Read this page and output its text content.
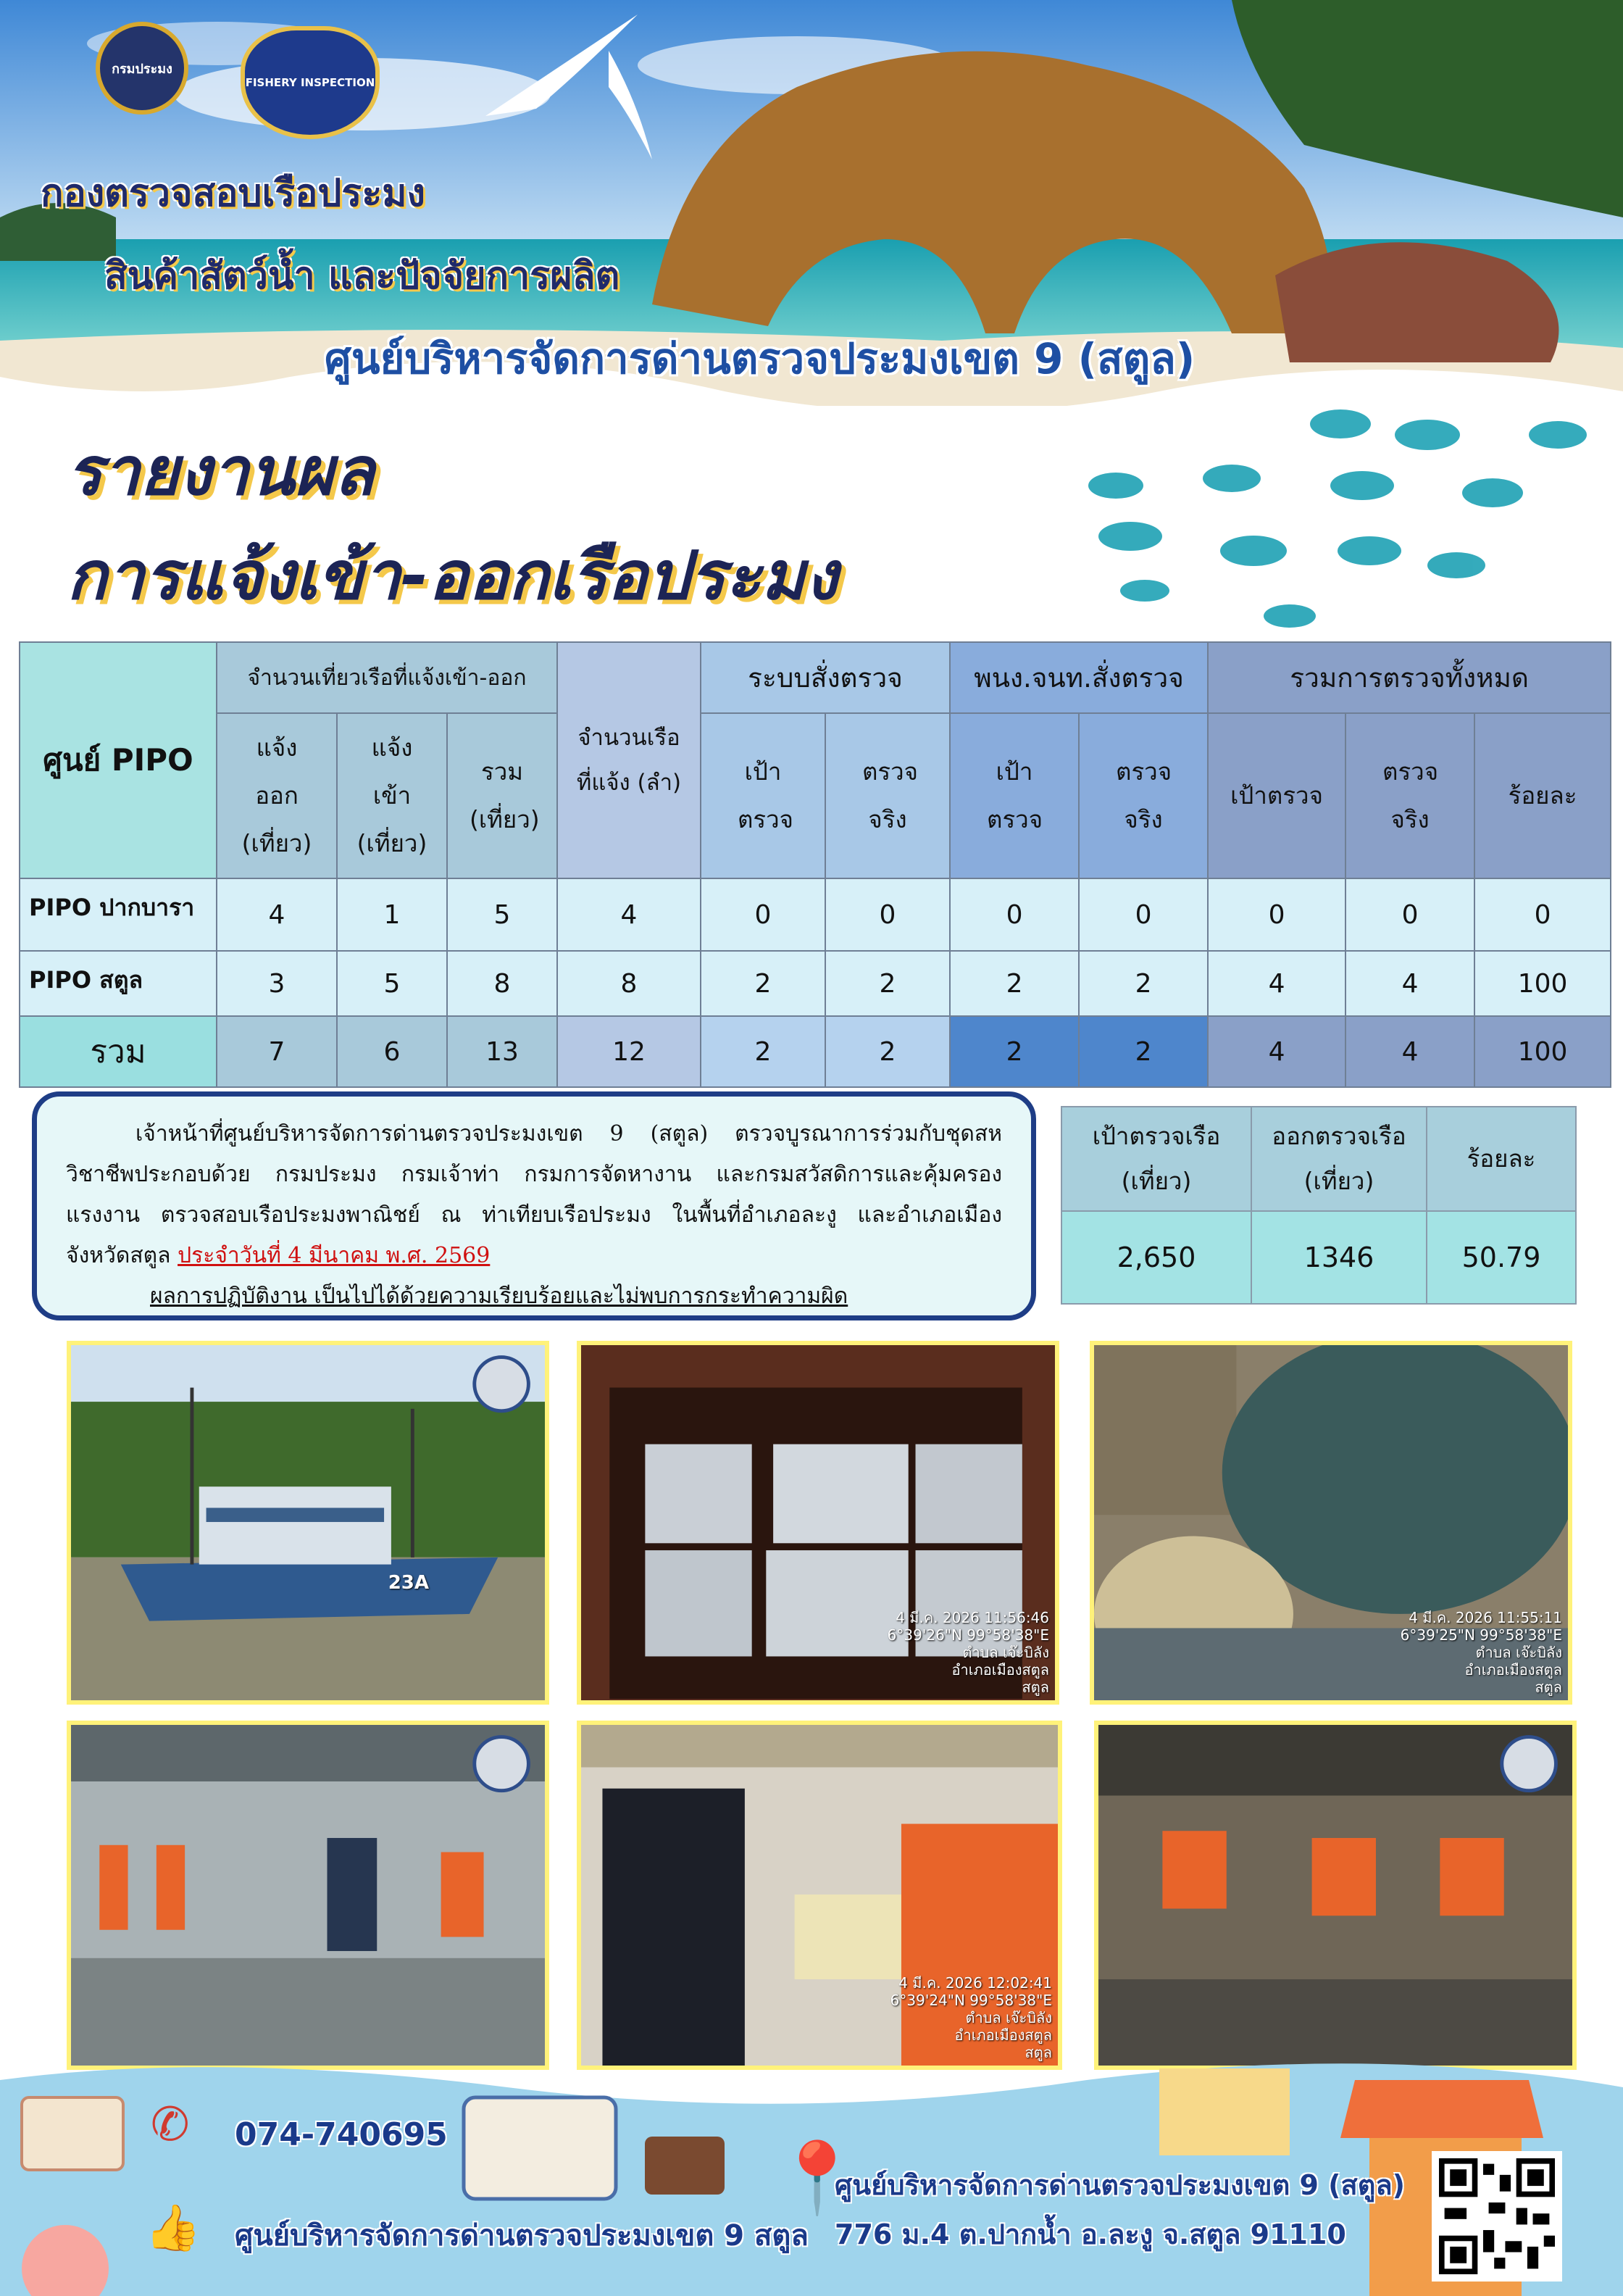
กรมประมง
FISHERY INSPECTION
กองตรวจสอบเรือประมง
สินค้าสัตว์น้ำ และปัจจัยการผลิต
ศูนย์บริหารจัดการด่านตรวจประมงเขต 9 (สตูล)
รายงานผล
การแจ้งเข้า-ออกเรือประมง
ศูนย์ PIPO	จำนวนเที่ยวเรือที่แจ้งเข้า-ออก			จำนวนเรือ ที่แจ้ง (ลำ)	ระบบสั่งตรวจ		พนง.จนท.สั่งตรวจ		รวมการตรวจทั้งหมด		
	แจ้งออก (เที่ยว)	แจ้งเข้า (เที่ยว)	รวม (เที่ยว)		เป้า ตรวจ	ตรวจ จริง	เป้า ตรวจ	ตรวจ จริง	เป้าตรวจ	ตรวจ จริง	ร้อยละ
PIPO ปากบารา	4	1	5	4	0	0	0	0	0	0	0
PIPO สตูล	3	5	8	8	2	2	2	2	4	4	100
รวม	7	6	13	12	2	2	2	2	4	4	100

เจ้าหน้าที่ศูนย์บริหารจัดการด่านตรวจประมงเขต 9 (สตูล) ตรวจบูรณาการร่วมกับชุดสหวิชาชีพประกอบด้วย กรมประมง กรมเจ้าท่า กรมการจัดหางาน และกรมสวัสดิการและคุ้มครองแรงงาน ตรวจสอบเรือประมงพาณิชย์ ณ ท่าเทียบเรือประมง ในพื้นที่อำเภอละงู และอำเภอเมือง จังหวัดสตูล ประจำวันที่ 4 มีนาคม พ.ศ. 2569

ผลการปฏิบัติงาน เป็นไปได้ด้วยความเรียบร้อยและไม่พบการกระทำความผิด

เป้าตรวจเรือ (เที่ยว)	ออกตรวจเรือ (เที่ยว)	ร้อยละ
2,650	1346	50.79
23A
4 มี.ค. 2026 11:56:46
6°39'26"N 99°58'38"E
ตำบล เจ๊ะบิลัง
อำเภอเมืองสตูล
สตูล
4 มี.ค. 2026 11:55:11
6°39'25"N 99°58'38"E
ตำบล เจ๊ะบิลัง
อำเภอเมืองสตูล
สตูล
4 มี.ค. 2026 12:02:41
6°39'24"N 99°58'38"E
ตำบล เจ๊ะบิลัง
อำเภอเมืองสตูล
สตูล
✆	074-740695
👍 ศูนย์บริหารจัดการด่านตรวจประมงเขต 9 สตูล
📍
ศูนย์บริหารจัดการด่านตรวจประมงเขต 9 (สตูล)
776 ม.4 ต.ปากน้ำ อ.ละงู จ.สตูล 91110
